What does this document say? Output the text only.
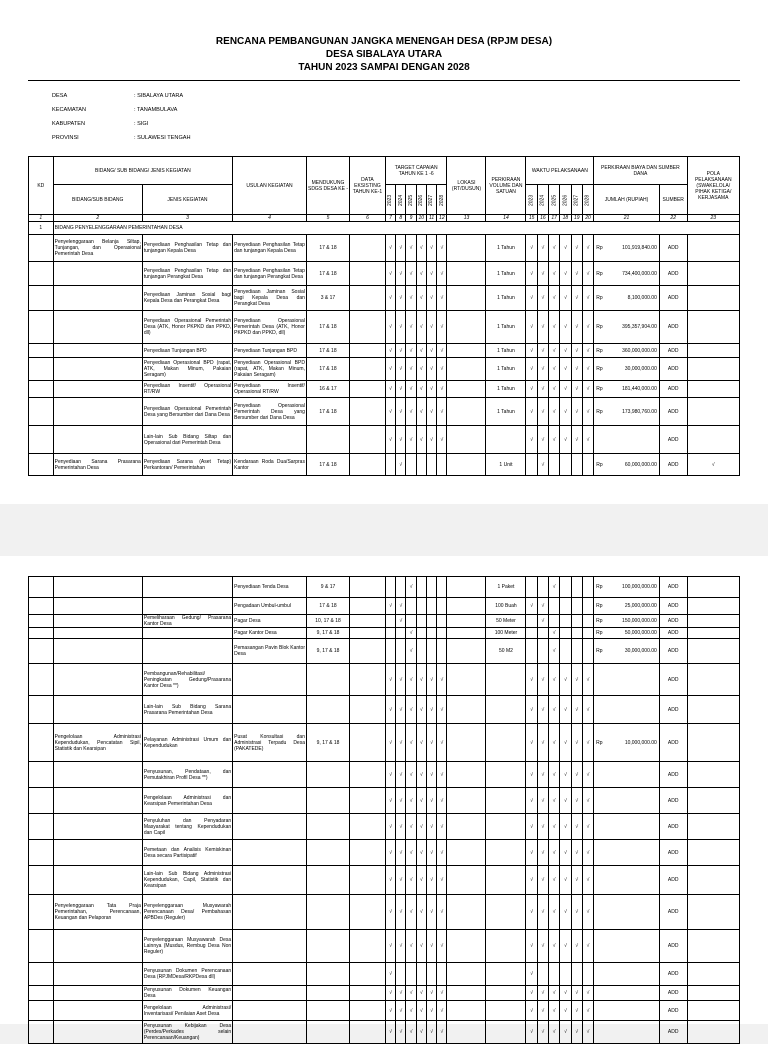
RENCANA PEMBANGUNAN JANGKA MENENGAH DESA (RPJM DESA)
DESA SIBALAYA UTARA
TAHUN 2023 SAMPAI DENGAN 2028
DESA	: SIBALAYA UTARA
KECAMATAN	: TANAMBULAVA
KABUPATEN	: SIGI
PROVINSI	: SULAWESI TENGAH
KD	BIDANG/ SUB BIDANG/ JENIS KEGIATAN		USULAN KEGIATAN	MENDUKUNG SDGS DESA KE -	DATA EKSISTING TAHUN KE-1	TARGET CAPAIAN TAHUN KE 1 -6						LOKASI (RT/DUSUN)	PERKIRAAN VOLUME DAN SATUAN	WAKTU PELAKSANAAN						PERKIRAAN BIAYA DAN SUMBER DANA		POLA PELAKSANAAN (SWAKELOLA/ PIHAK KETIGA/ KERJASAMA
	BIDANG/SUB BIDANG	JENIS KEGIATAN				2023	2024	2025	2026	2027	2028			2023	2024	2025	2026	2027	2028	JUMLAH (RUPIAH)	SUMBER	
1	2	3	4	5	6	7	8	9	10	11	12	13	14	15	16	17	18	19	20	21	22	23
1	BIDANG PENYELENGGARAAN PEMERINTAHAN DESA																					
	Penyelenggaraan Belanja Siltap, Tunjangan, dan Operasional Pemerintah Desa	Penyediaan Penghasilan Tetap dan tunjangan Kepala Desa	Penyediaan Penghasilan Tetap dan tunjangan Kepala Desa	17 & 18		√	√	√	√	√	√		1 Tahun	√	√	√	√	√	√	Rp 101,919,840.00	ADD	
		Penyediaan Penghasilan Tetap dan tunjangan Perangkat Desa	Penyediaan Penghasilan Tetap dan tunjangan Perangkat Desa	17 & 18		√	√	√	√	√	√		1 Tahun	√	√	√	√	√	√	Rp 734,400,000.00	ADD	
		Penyediaan Jaminan Sosial bagi Kepala Desa dan Perangkat Desa	Penyediaan Jaminan Sosial bagi Kepala Desa dan Perangkat Desa	3 & 17		√	√	√	√	√	√		1 Tahun	√	√	√	√	√	√	Rp 8,100,000.00	ADD	
		Penyediaan Operasional Pemerintah Desa (ATK, Honor PKPKD dan PPKD, dll)	Penyediaan Operasional Pemerintah Desa (ATK, Honor PKPKD dan PPKD, dll)	17 & 18		√	√	√	√	√	√		1 Tahun	√	√	√	√	√	√	Rp 395,357,904.00	ADD	
		Penyediaan Tunjangan BPD	Penyediaan Tunjangan BPD	17 & 18		√	√	√	√	√	√		1 Tahun	√	√	√	√	√	√	Rp 360,000,000.00	ADD	
		Penyediaan Operasional BPD (rapat, ATK, Makan Minum, Pakaian Seragam)	Penyediaan Operasional BPD (rapat, ATK, Makan Minum, Pakaian Seragam)	17 & 18		√	√	√	√	√	√		1 Tahun	√	√	√	√	√	√	Rp 30,000,000.00	ADD	
		Penyediaan Insentif/ Operasional RT/RW	Penyediaan Insentif/ Operasional RT/RW	16 & 17		√	√	√	√	√	√		1 Tahun	√	√	√	√	√	√	Rp 181,440,000.00	ADD	
		Penyediaan Operasional Pemerintah Desa yang Bersumber dari Dana Desa	Penyediaan Operasional Pemerintah Desa yang Bersumber dari Dana Desa	17 & 18		√	√	√	√	√	√		1 Tahun	√	√	√	√	√	√	Rp 173,980,760.00	ADD	
		Lain-lain Sub Bidang Siltap dan Operasional dari Pemerintah Desa				√	√	√	√	√	√			√	√	√	√	√	√		ADD	
	Penyediaan Sarana Prasarana Pemerintahan Desa	Penyediaan Sarana (Aset Tetap) Perkantoran/ Pemerintahan	Kendaraan Roda Dua/Sarpras Kantor	17 & 18			√						1 Unit		√					Rp 60,000,000.00	ADD	√
			Penyediaan Tenda Desa	9 & 17				√					1 Paket			√				Rp 100,000,000.00	ADD	
			Pengadaan Umbul-umbul	17 & 18		√	√						100 Buah	√	√					Rp 25,000,000.00	ADD	
		Pemeliharaan Gedung/ Prasarana Kantor Desa	Pagar Desa	10, 17 & 18			√						50 Meter		√					Rp 150,000,000.00	ADD	
			Pagar Kantor Desa	9, 17 & 18				√					100 Meter			√				Rp 50,000,000.00	ADD	
			Pemasangan Pavin Blok Kantor Desa	9, 17 & 18				√					50 M2			√				Rp 30,000,000.00	ADD	
		Pembangunan/Rehabilitasi/ Peningkatan Gedung/Prasarana Kantor Desa **)				√	√	√	√	√	√			√	√	√	√	√	√		ADD	
		Lain-lain Sub Bidang Sarana Prasarana Pemerintahan Desa				√	√	√	√	√	√			√	√	√	√	√	√		ADD	
	Pengelolaan Administrasi Kependudukan, Pencatatan Sipil, Statistik dan Kearsipan	Pelayanan Administrasi Umum dan Kependudukan	Pusat Konsultasi dan Administrasi Terpadu Desa (PAKATEDE)	9, 17 & 18		√	√	√	√	√	√			√	√	√	√	√	√	Rp 10,000,000.00	ADD	
		Penyusunan, Pendataan, dan Pemutakhiran Profil Desa **)				√	√	√	√	√	√			√	√	√	√	√	√		ADD	
		Pengelolaan Administrasi dan Kearsipan Pemerintahan Desa				√	√	√	√	√	√			√	√	√	√	√	√		ADD	
		Penyuluhan dan Penyadaran Masyarakat tentang Kependudukan dan Capil				√	√	√	√	√	√			√	√	√	√	√	√		ADD	
		Pemetaan dan Analisis Kemiskinan Desa secara Partisipatif				√	√	√	√	√	√			√	√	√	√	√	√		ADD	
		Lain-lain Sub Bidang Administrasi Kependudukan, Capil, Statistik dan Kearsipan				√	√	√	√	√	√			√	√	√	√	√	√		ADD	
	Penyelenggaraan Tata Praja Pemerintahan, Perencanaan, Keuangan dan Pelaporan	Penyelenggaraan Musyawarah Perencanaan Desa/ Pembahasan APBDes (Reguler)				√	√	√	√	√	√			√	√	√	√	√	√		ADD	
		Penyelenggaraan Musyawarah Desa Lainnya (Musdus, Rembug Desa Non Reguler)				√	√	√	√	√	√			√	√	√	√	√	√		ADD	
		Penyusunan Dokumen Perencanaan Desa (RPJMDesa/RKPDesa dll)				√								√							ADD	
		Penyusunan Dokumen Keuangan Desa				√	√	√	√	√	√			√	√	√	√	√	√		ADD	
		Pengelolaan Administrasi/ Inventarisasi/ Penilaian Aset Desa				√	√	√	√	√	√			√	√	√	√	√	√		ADD	
		Penyusunan Kebijakan Desa (Perdes/Perkades selain Perencanaan/Keuangan)				√	√	√	√	√	√			√	√	√	√	√	√		ADD	
